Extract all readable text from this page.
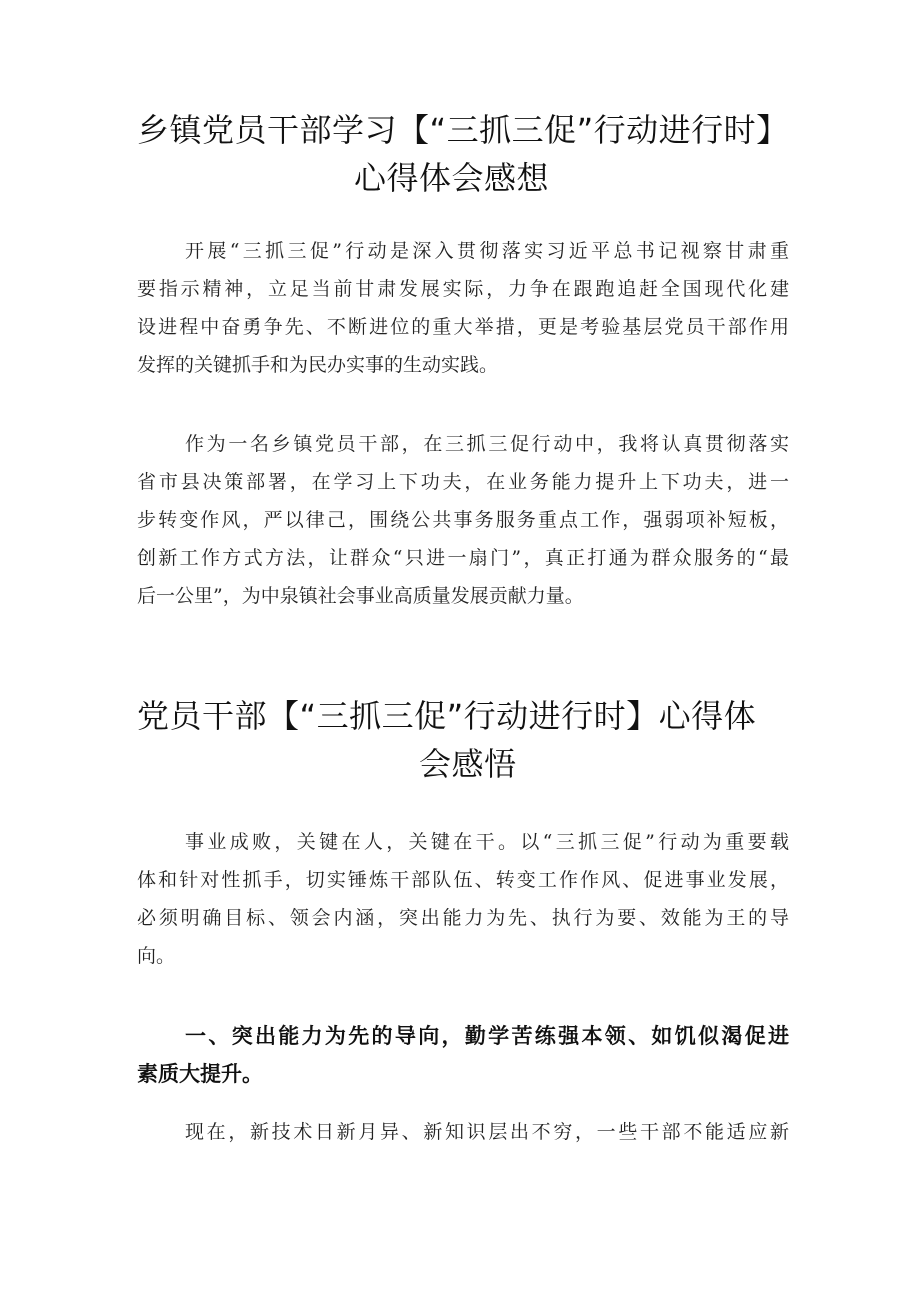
乡镇党员干部学习【“三抓三促”行动进行时】
心得体会感想
开展“三抓三促”行动是深入贯彻落实习近平总书记视察甘肃重
要指示精神，立足当前甘肃发展实际，力争在跟跑追赶全国现代化建
设进程中奋勇争先、不断进位的重大举措，更是考验基层党员干部作用
发挥的关键抓手和为民办实事的生动实践。
作为一名乡镇党员干部，在三抓三促行动中，我将认真贯彻落实
省市县决策部署，在学习上下功夫，在业务能力提升上下功夫，进一
步转变作风，严以律己，围绕公共事务服务重点工作，强弱项补短板，
创新工作方式方法，让群众“只进一扇门”，真正打通为群众服务的“最
后一公里”，为中泉镇社会事业高质量发展贡献力量。
党员干部【“三抓三促”行动进行时】心得体
会感悟
事业成败，关键在人，关键在干。以“三抓三促”行动为重要载
体和针对性抓手，切实锤炼干部队伍、转变工作作风、促进事业发展，
必须明确目标、领会内涵，突出能力为先、执行为要、效能为王的导
向。
一、突出能力为先的导向，勤学苦练强本领、如饥似渴促进
素质大提升。
现在，新技术日新月异、新知识层出不穷，一些干部不能适应新
